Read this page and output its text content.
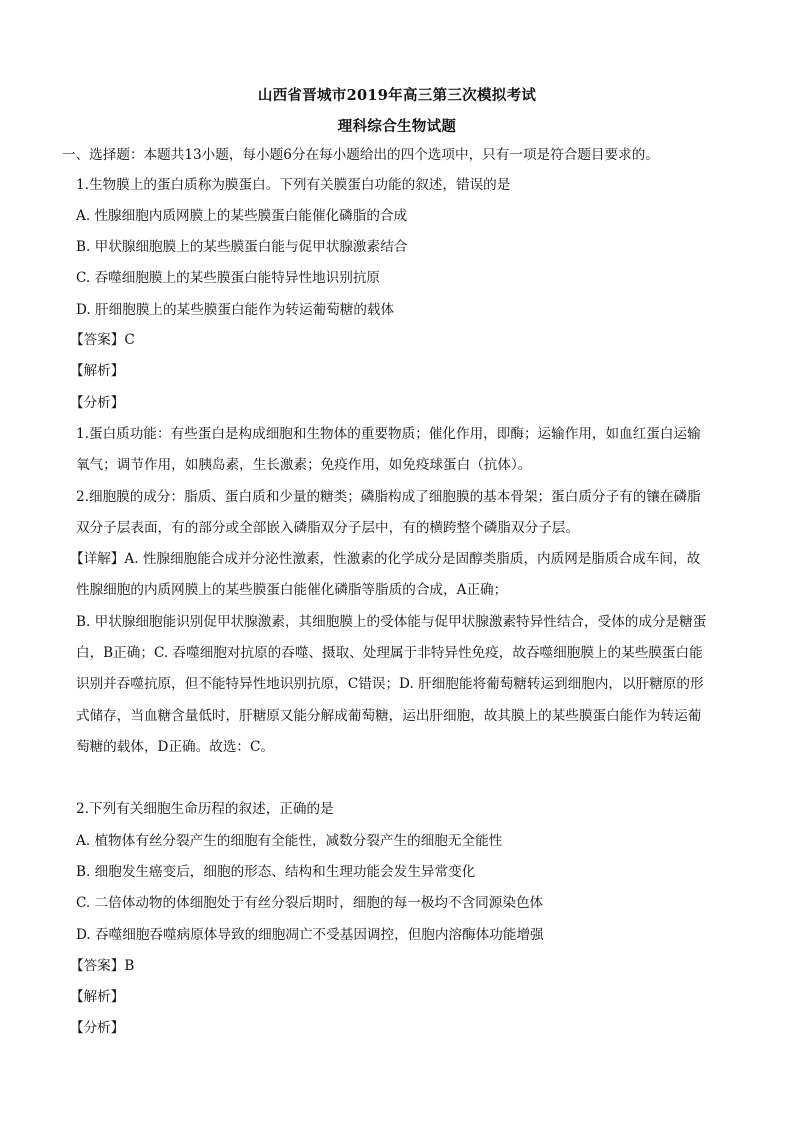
山西省晋城市2019年高三第三次模拟考试
理科综合生物试题
一、选择题：本题共13小题，每小题6分在每小题给出的四个选项中，只有一项是符合题目要求的。
1.生物膜上的蛋白质称为膜蛋白。下列有关膜蛋白功能的叙述，错误的是
A. 性腺细胞内质网膜上的某些膜蛋白能催化磷脂的合成
B. 甲状腺细胞膜上的某些膜蛋白能与促甲状腺激素结合
C. 吞噬细胞膜上的某些膜蛋白能特异性地识别抗原
D. 肝细胞膜上的某些膜蛋白能作为转运葡萄糖的载体
【答案】C
【解析】
【分析】
1.蛋白质功能：有些蛋白是构成细胞和生物体的重要物质；催化作用，即酶；运输作用，如血红蛋白运输
氧气；调节作用，如胰岛素，生长激素；免疫作用，如免疫球蛋白（抗体）。
2.细胞膜的成分：脂质、蛋白质和少量的糖类；磷脂构成了细胞膜的基本骨架；蛋白质分子有的镶在磷脂
双分子层表面，有的部分或全部嵌入磷脂双分子层中，有的横跨整个磷脂双分子层。
【详解】A. 性腺细胞能合成并分泌性激素，性激素的化学成分是固醇类脂质，内质网是脂质合成车间，故
性腺细胞的内质网膜上的某些膜蛋白能催化磷脂等脂质的合成，A正确；
B. 甲状腺细胞能识别促甲状腺激素，其细胞膜上的受体能与促甲状腺激素特异性结合，受体的成分是糖蛋
白，B正确；C. 吞噬细胞对抗原的吞噬、摄取、处理属于非特异性免疫，故吞噬细胞膜上的某些膜蛋白能
识别并吞噬抗原，但不能特异性地识别抗原，C错误；D. 肝细胞能将葡萄糖转运到细胞内，以肝糖原的形
式储存，当血糖含量低时，肝糖原又能分解成葡萄糖，运出肝细胞，故其膜上的某些膜蛋白能作为转运葡
萄糖的载体，D正确。故选：C。
2.下列有关细胞生命历程的叙述，正确的是
A. 植物体有丝分裂产生的细胞有全能性，减数分裂产生的细胞无全能性
B. 细胞发生癌变后，细胞的形态、结构和生理功能会发生异常变化
C. 二倍体动物的体细胞处于有丝分裂后期时，细胞的每一极均不含同源染色体
D. 吞噬细胞吞噬病原体导致的细胞凋亡不受基因调控，但胞内溶酶体功能增强
【答案】B
【解析】
【分析】
